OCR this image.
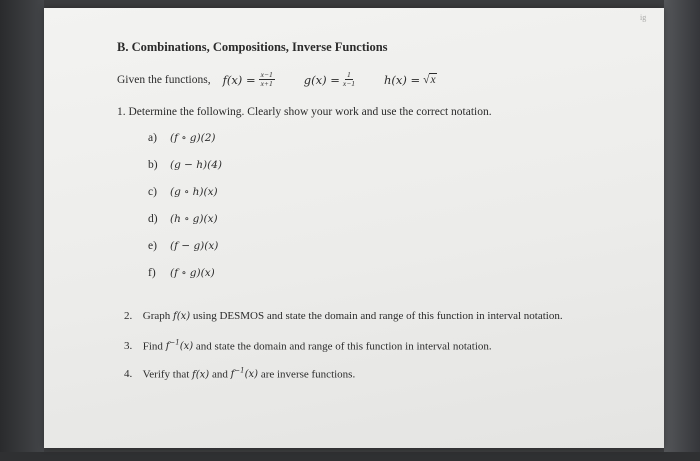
ig
B. Combinations, Compositions, Inverse Functions
Given the functions, $f(x) = \frac{x-1}{x+1}$	$g(x) = \frac{1}{x-1}$	h(x) = √x
1. Determine the following. Clearly show your work and use the correct notation.
a) (f ∘ g)(2)
b) (g − h)(4)
c) (g ∘ h)(x)
d) (h ∘ g)(x)
e) (f − g)(x)
f) (f ∘ g)(x)
2. Graph f(x) using DESMOS and state the domain and range of this function in interval notation.
3. Find $f^{-1}(x)$ and state the domain and range of this function in interval notation.
4. Verify that f(x) and $f^{-1}(x)$ are inverse functions.
